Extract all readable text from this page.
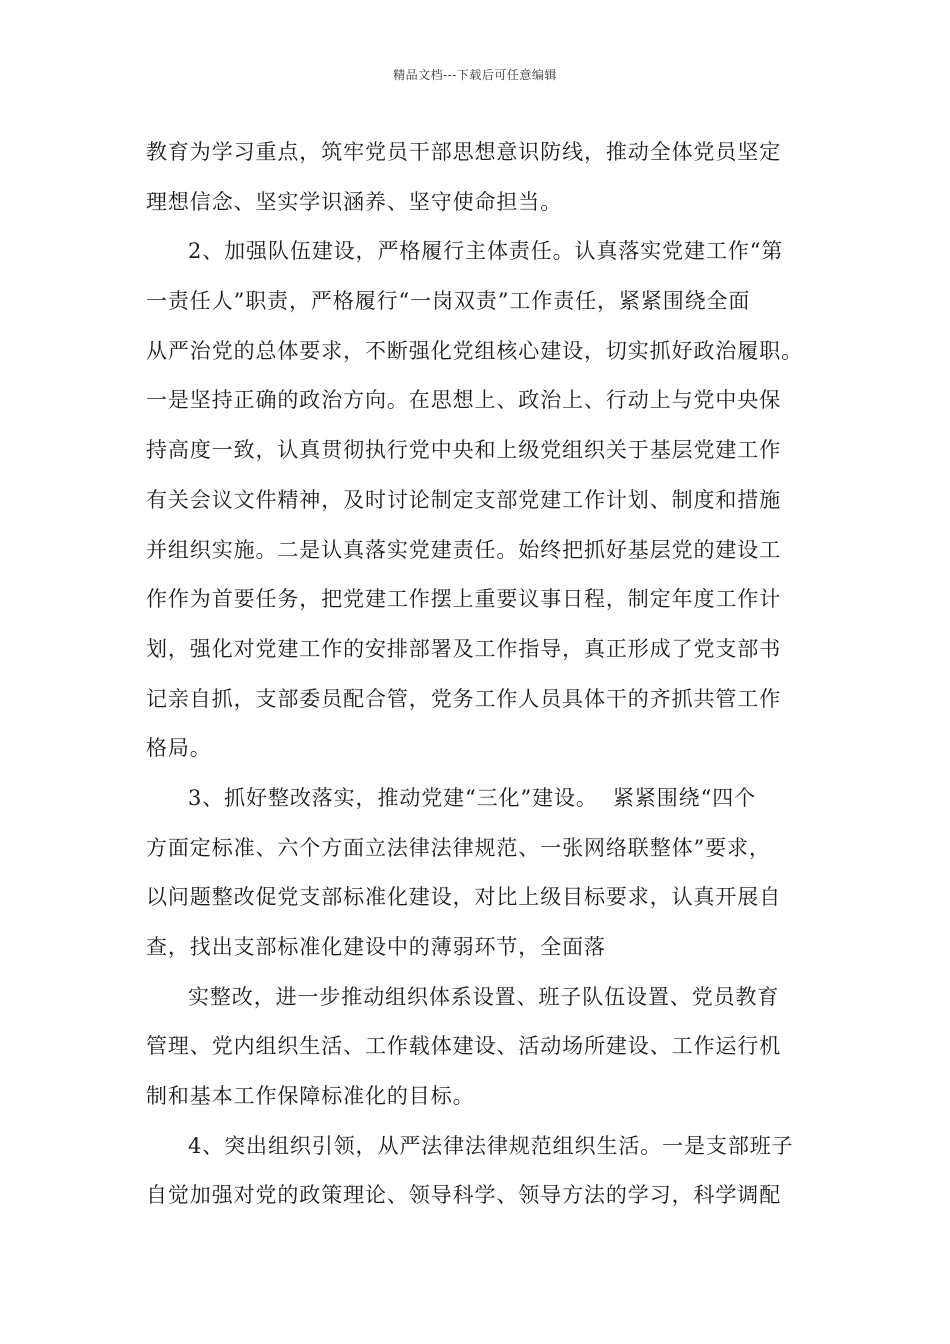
精品文档---下载后可任意编辑
教育为学习重点，筑牢党员干部思想意识防线，推动全体党员坚定
理想信念、坚实学识涵养、坚守使命担当。
2、加强队伍建设，严格履行主体责任。认真落实党建工作“第
一责任人”职责，严格履行“一岗双责”工作责任，紧紧围绕全面
从严治党的总体要求，不断强化党组核心建设，切实抓好政治履职。
一是坚持正确的政治方向。在思想上、政治上、行动上与党中央保
持高度一致，认真贯彻执行党中央和上级党组织关于基层党建工作
有关会议文件精神，及时讨论制定支部党建工作计划、制度和措施
并组织实施。二是认真落实党建责任。始终把抓好基层党的建设工
作作为首要任务，把党建工作摆上重要议事日程，制定年度工作计
划，强化对党建工作的安排部署及工作指导，真正形成了党支部书
记亲自抓，支部委员配合管，党务工作人员具体干的齐抓共管工作
格局。
3、抓好整改落实，推动党建“三化”建设。  紧紧围绕“四个
方面定标准、六个方面立法律法律规范、一张网络联整体”要求，
以问题整改促党支部标准化建设，对比上级目标要求，认真开展自
查，找出支部标准化建设中的薄弱环节，全面落
实整改，进一步推动组织体系设置、班子队伍设置、党员教育
管理、党内组织生活、工作载体建设、活动场所建设、工作运行机
制和基本工作保障标准化的目标。
4、突出组织引领，从严法律法律规范组织生活。一是支部班子
自觉加强对党的政策理论、领导科学、领导方法的学习，科学调配
